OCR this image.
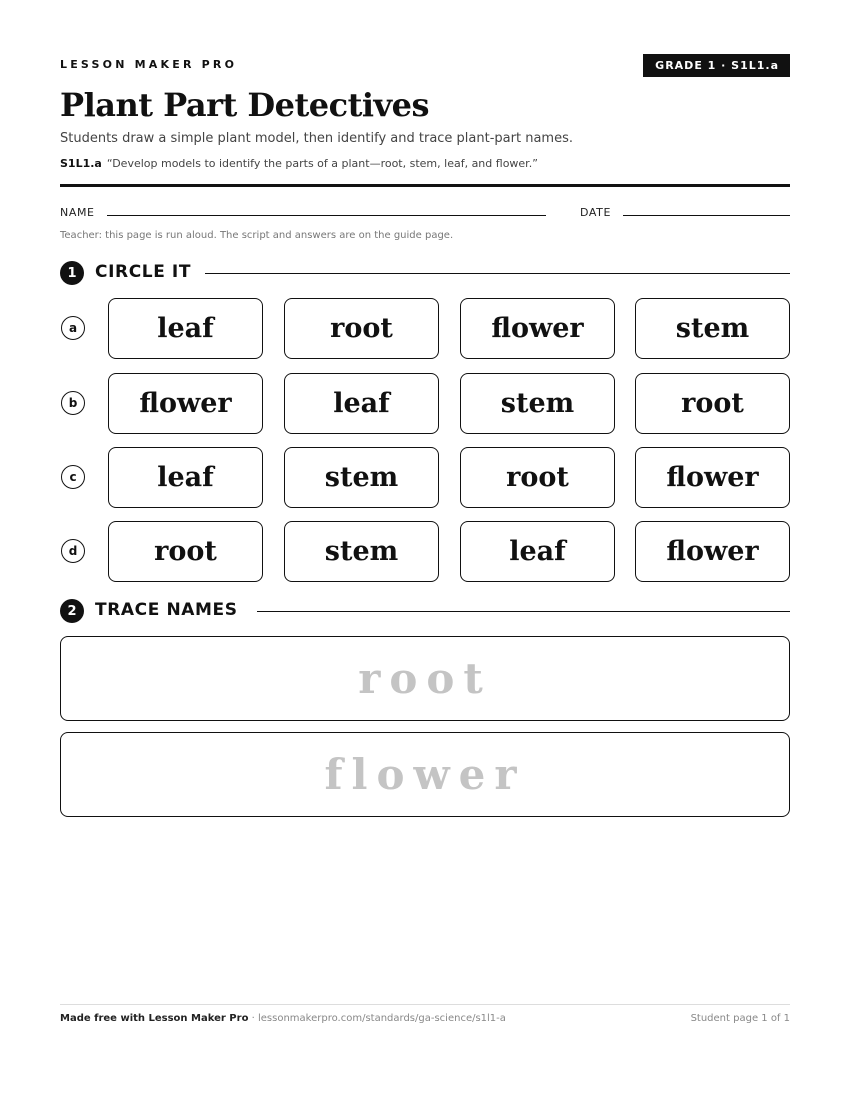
LESSON MAKER PRO	GRADE 1 · S1L1.a
Plant Part Detectives
Students draw a simple plant model, then identify and trace plant-part names.
S1L1.a “Develop models to identify the parts of a plant—root, stem, leaf, and flower.”
NAME	DATE
Teacher: this page is run aloud. The script and answers are on the guide page.
1	CIRCLE IT
a	leaf	root	flower	stem
b	flower	leaf	stem	root
c	leaf	stem	root	flower
d	root	stem	leaf	flower
2	TRACE NAMES
root
flower
Made free with Lesson Maker Pro · lessonmakerpro.com/standards/ga-science/s1l1-a	Student page 1 of 1
